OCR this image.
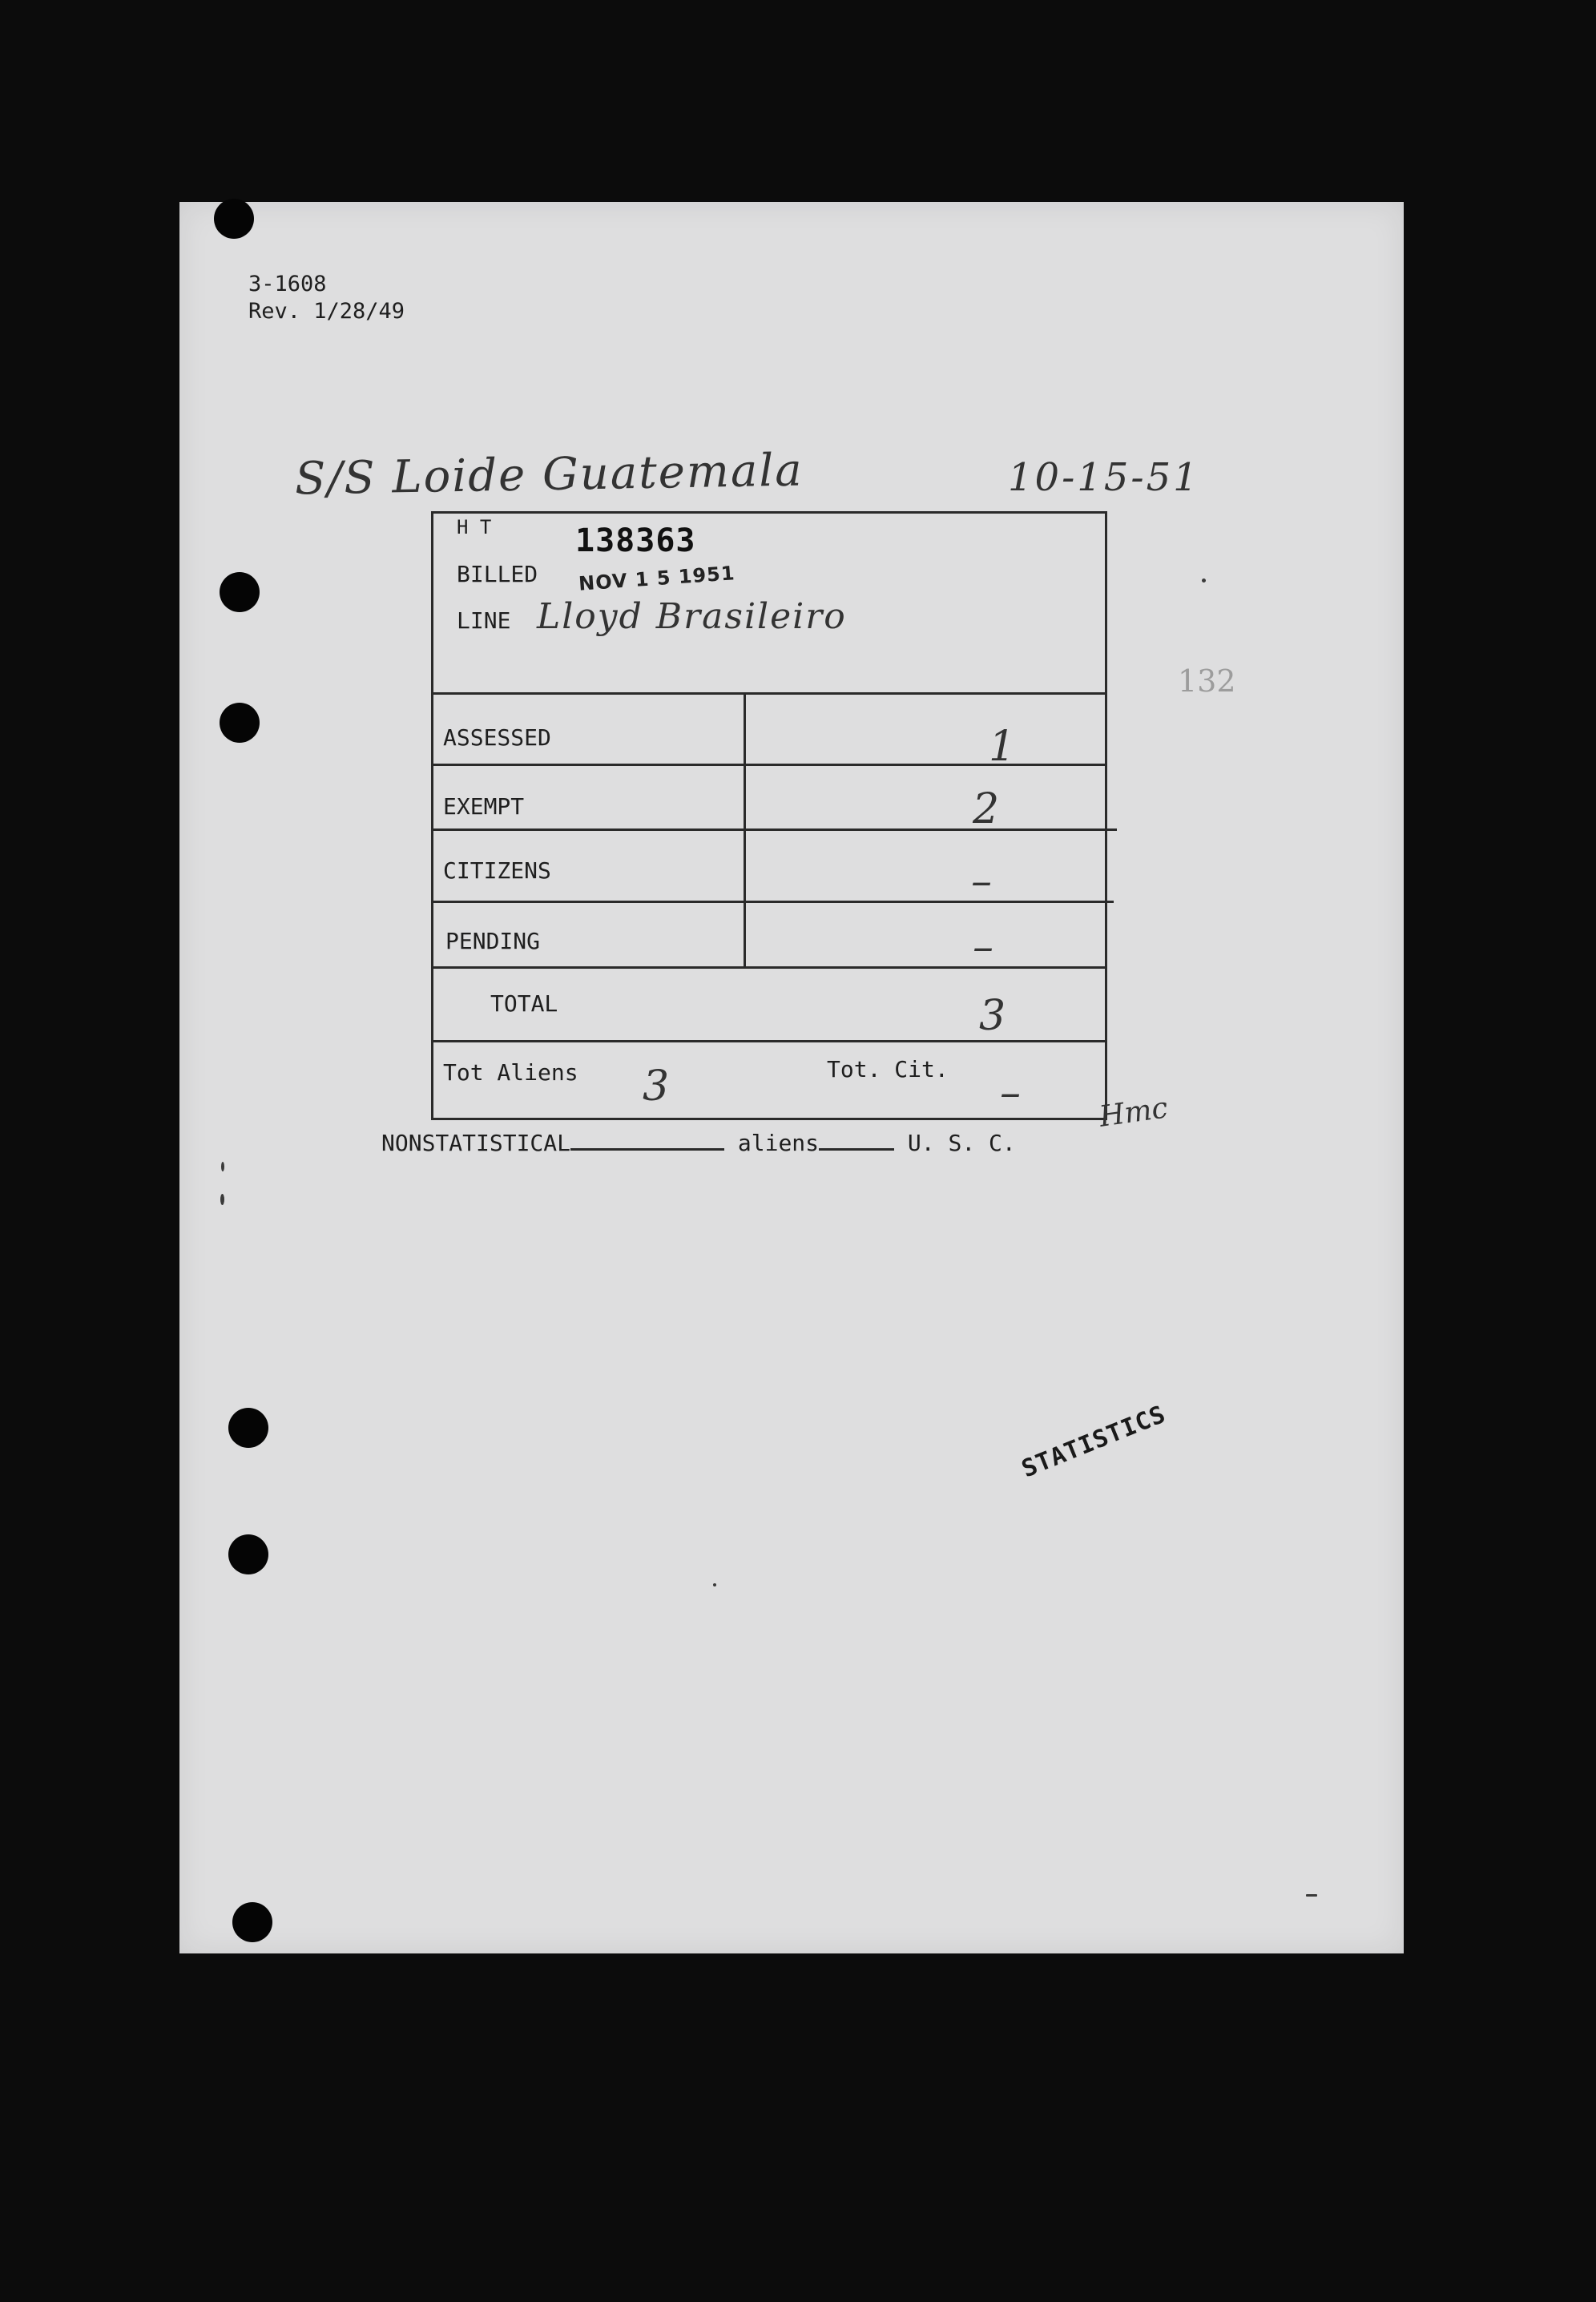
3-1608
Rev. 1/28/49
S/S Loide Guatemala	10-15-51
H T	138363
BILLED NOV 1 5 1951
LINE Lloyd Brasileiro
ASSESSED	1
EXEMPT	2
CITIZENS	–
PENDING	–
TOTAL	3
Tot Aliens 3	Tot. Cit. –	Hmc
NONSTATISTICAL	aliens	U. S. C.
132
STATISTICS
